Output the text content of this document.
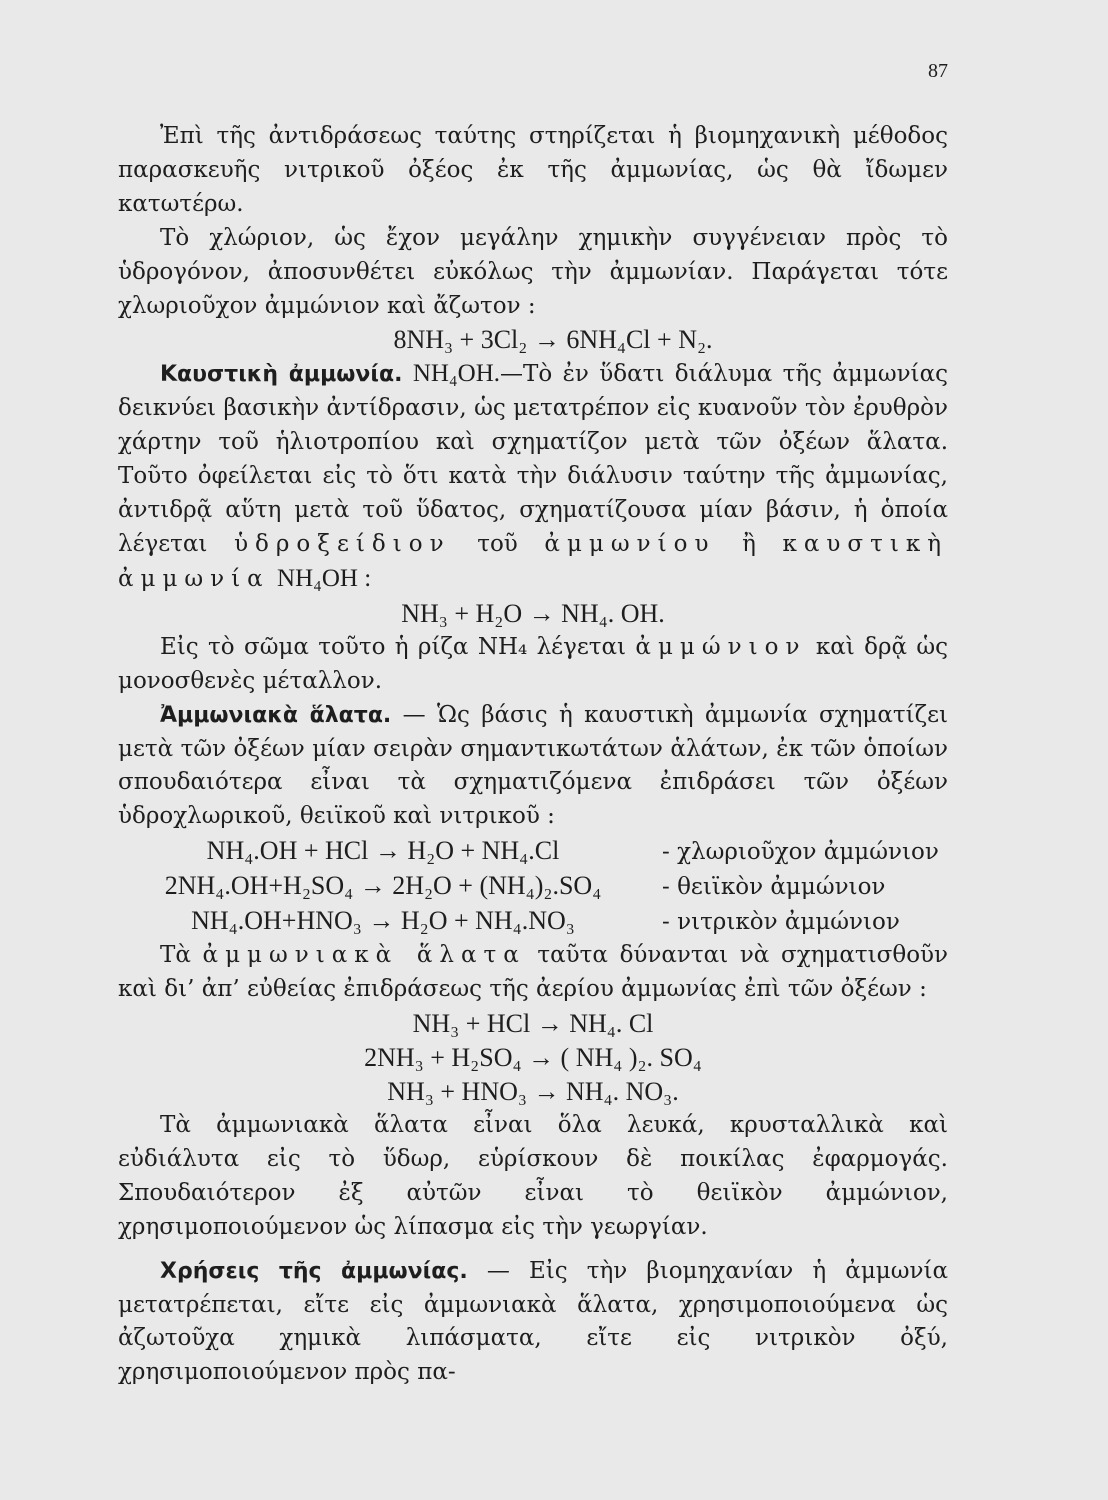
87

Ἐπὶ τῆς ἀντιδράσεως ταύτης στηρίζεται ἡ βιομηχανικὴ μέθοδος παρασκευῆς νιτρικοῦ ὀξέος ἐκ τῆς ἀμμωνίας, ὡς θὰ ἴδωμεν κατωτέρω.

Τὸ χλώριον, ὡς ἔχον μεγάλην χημικὴν συγγένειαν πρὸς τὸ ὑδρογόνον, ἀποσυνθέτει εὐκόλως τὴν ἀμμωνίαν. Παράγεται τότε χλωριοῦχον ἀμμώνιον καὶ ἄζωτον :

8NH₃ + 3Cl₂ → 6NH₄Cl + N₂.

Καυστικὴ ἀμμωνία. NH₄OH.—Τὸ ἐν ὕδατι διάλυμα τῆς ἀμμωνίας δεικνύει βασικὴν ἀντίδρασιν, ὡς μετατρέπον εἰς κυανοῦν τὸν ἐρυθρὸν χάρτην τοῦ ἡλιοτροπίου καὶ σχηματίζον μετὰ τῶν ὀξέων ἅλατα. Τοῦτο ὀφείλεται εἰς τὸ ὅτι κατὰ τὴν διάλυσιν ταύτην τῆς ἀμμωνίας, ἀντιδρᾷ αὕτη μετὰ τοῦ ὕδατος, σχηματίζουσα μίαν βάσιν, ἡ ὁποία λέγεται ὑδροξείδιον τοῦ ἀμμωνίου ἢ καυστικὴ ἀμμωνία NH₄OH :

NH₃ + H₂O → NH₄. OH.

Εἰς τὸ σῶμα τοῦτο ἡ ρίζα NH₄ λέγεται ἀμμώνιον καὶ δρᾷ ὡς μονοσθενὲς μέταλλον.

Ἀμμωνιακὰ ἅλατα. — Ὡς βάσις ἡ καυστικὴ ἀμμωνία σχηματίζει μετὰ τῶν ὀξέων μίαν σειρὰν σημαντικωτάτων ἁλάτων, ἐκ τῶν ὁποίων σπουδαιότερα εἶναι τὰ σχηματιζόμενα ἐπιδράσει τῶν ὀξέων ὑδροχλωρικοῦ, θειϊκοῦ καὶ νιτρικοῦ :

NH₄.OH + HCl → H₂O + NH₄.Cl	- χλωριοῦχον ἀμμώνιον
2NH₄.OH+H₂SO₄ → 2H₂O + (NH₄)₂.SO₄	- θειϊκὸν ἀμμώνιον
NH₄.OH+HNO₃ → H₂O + NH₄.NO₃	- νιτρικὸν ἀμμώνιον

Τὰ ἀμμωνιακὰ ἅλατα ταῦτα δύνανται νὰ σχηματισθοῦν καὶ δι’ ἀπ’ εὐθείας ἐπιδράσεως τῆς ἀερίου ἀμμωνίας ἐπὶ τῶν ὀξέων :

NH₃ + HCl → NH₄. Cl

2NH₃ + H₂SO₄ → ( NH₄ )₂. SO₄

NH₃ + HNO₃ → NH₄. NO₃.

Τὰ ἀμμωνιακὰ ἅλατα εἶναι ὅλα λευκά, κρυσταλλικὰ καὶ εὐδιάλυτα εἰς τὸ ὕδωρ, εὑρίσκουν δὲ ποικίλας ἐφαρμογάς. Σπουδαιότερον ἐξ αὐτῶν εἶναι τὸ θειϊκὸν ἀμμώνιον, χρησιμοποιούμενον ὡς λίπασμα εἰς τὴν γεωργίαν.

Χρήσεις τῆς ἀμμωνίας. — Εἰς τὴν βιομηχανίαν ἡ ἀμμωνία μετατρέπεται, εἴτε εἰς ἀμμωνιακὰ ἅλατα, χρησιμοποιούμενα ὡς ἀζωτοῦχα χημικὰ λιπάσματα, εἴτε εἰς νιτρικὸν ὀξύ, χρησιμοποιούμενον πρὸς πα-
